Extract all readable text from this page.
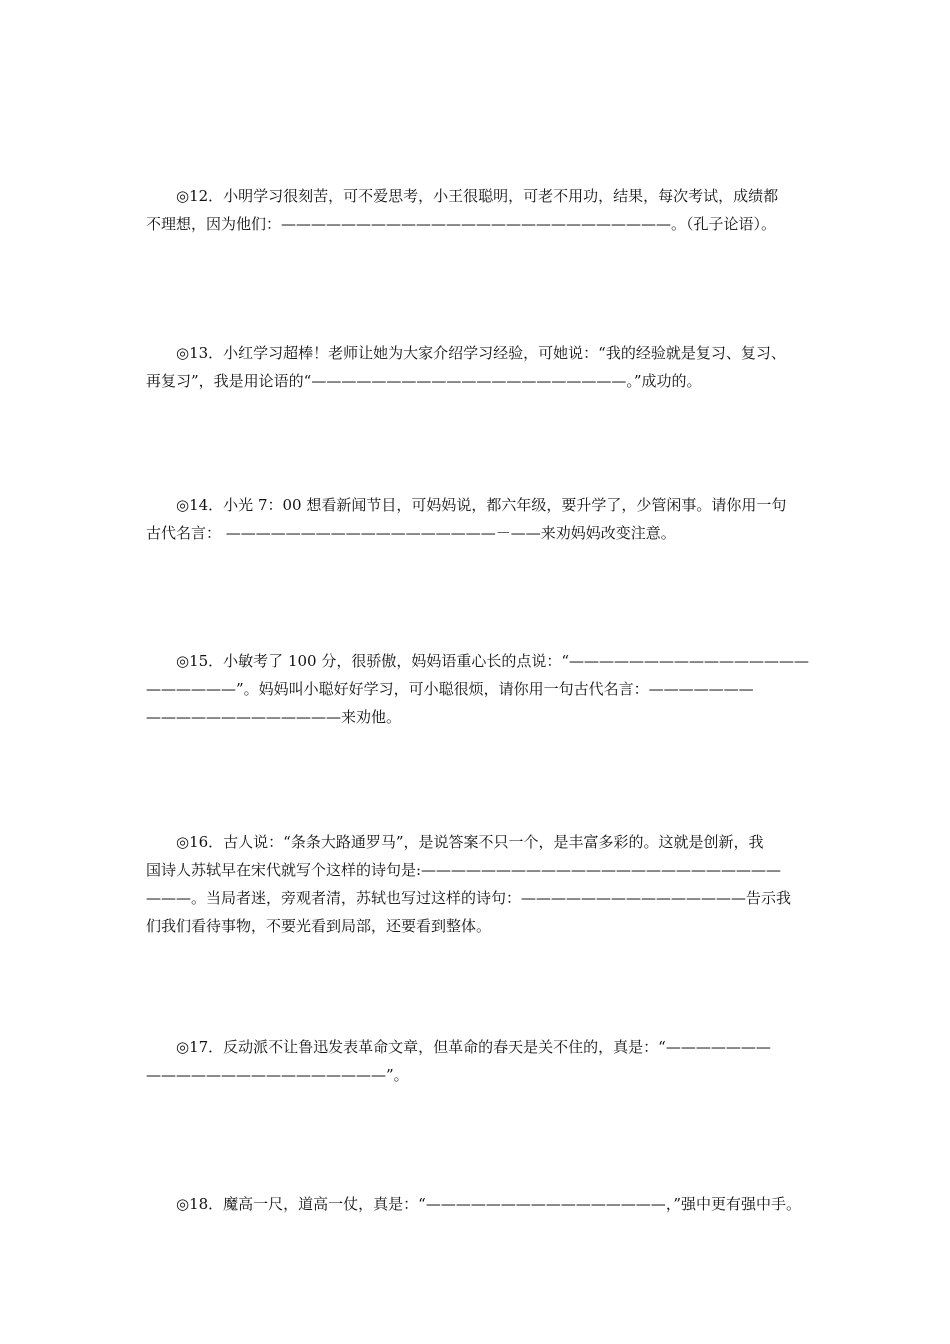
◎12．小明学习很刻苦，可不爱思考，小王很聪明，可老不用功，结果，每次考试，成绩都
不理想，因为他们：——————————————————————————。（孔子论语）。
◎13．小红学习超棒！老师让她为大家介绍学习经验，可她说：“我的经验就是复习、复习、
再复习”，我是用论语的“—————————————————————。”成功的。
◎14．小光 7：00 想看新闻节目，可妈妈说，都六年级，要升学了，少管闲事。请你用一句
古代名言： ——————————————————－——来劝妈妈改变注意。
◎15．小敏考了 100 分，很骄傲，妈妈语重心长的点说：“————————————————
——————”。妈妈叫小聪好好学习，可小聪很烦，请你用一句古代名言：———————
—————————————来劝他。
◎16．古人说：“条条大路通罗马”，是说答案不只一个，是丰富多彩的。这就是创新，我
国诗人苏轼早在宋代就写个这样的诗句是:————————————————————————
———。当局者迷，旁观者清，苏轼也写过这样的诗句：———————————————告示我
们我们看待事物，不要光看到局部，还要看到整体。
◎17．反动派不让鲁迅发表革命文章，但革命的春天是关不住的，真是：“———————
————————————————”。
◎18．魔高一尺，道高一仗，真是：“————————————————，”强中更有强中手。
